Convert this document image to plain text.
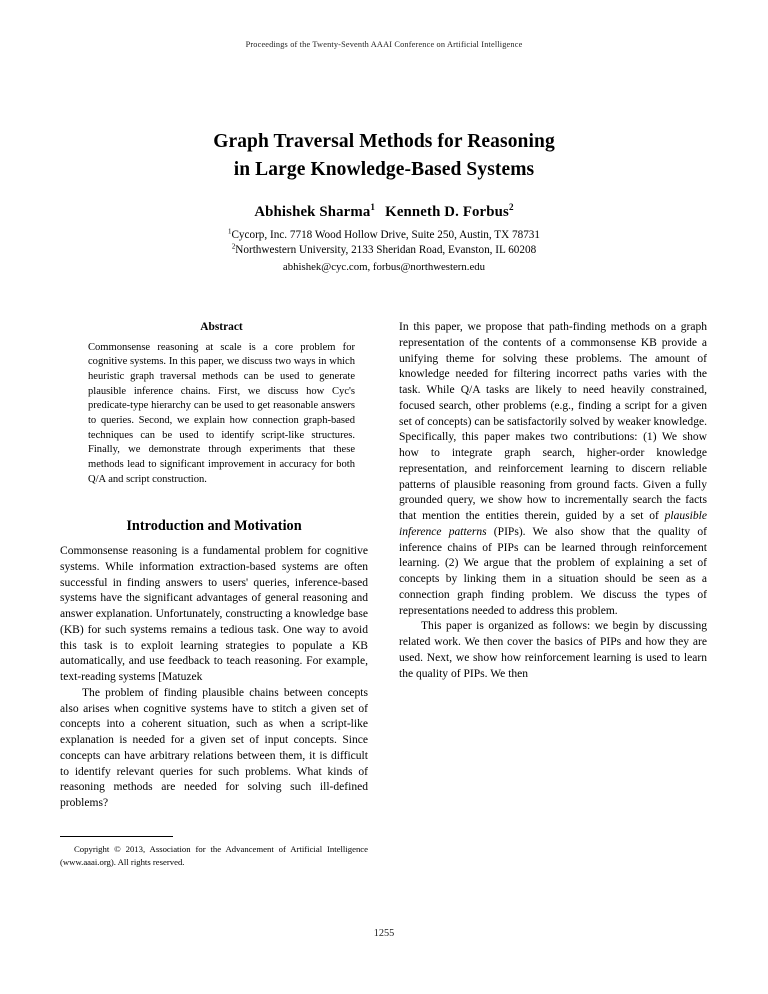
Proceedings of the Twenty-Seventh AAAI Conference on Artificial Intelligence
Graph Traversal Methods for Reasoning
in Large Knowledge-Based Systems
Abhishek Sharma$^1$ Kenneth D. Forbus$^2$
$^1$Cycorp, Inc. 7718 Wood Hollow Drive, Suite 250, Austin, TX 78731
$^2$Northwestern University, 2133 Sheridan Road, Evanston, IL 60208
abhishek@cyc.com, forbus@northwestern.edu
Abstract

Commonsense reasoning at scale is a core problem for cognitive systems. In this paper, we discuss two ways in which heuristic graph traversal methods can be used to generate plausible inference chains. First, we discuss how Cyc's predicate-type hierarchy can be used to get reasonable answers to queries. Second, we explain how connection graph-based techniques can be used to identify script-like structures. Finally, we demonstrate through experiments that these methods lead to significant improvement in accuracy for both Q/A and script construction.

Introduction and Motivation

Commonsense reasoning is a fundamental problem for cognitive systems. While information extraction-based systems are often successful in finding answers to users' queries, inference-based systems have the significant advantages of general reasoning and answer explanation. Unfortunately, constructing a knowledge base (KB) for such systems remains a tedious task. One way to avoid this task is to exploit learning strategies to populate a KB automatically, and use feedback to teach reasoning. For example, text-reading systems [Matuzek

The problem of finding plausible chains between concepts also arises when cognitive systems have to stitch a given set of concepts into a coherent situation, such as when a script-like explanation is needed for a given set of input concepts. Since concepts can have arbitrary relations between them, it is difficult to identify relevant queries for such problems. What kinds of reasoning methods are needed for solving such ill-defined problems?

In this paper, we propose that path-finding methods on a graph representation of the contents of a commonsense KB provide a unifying theme for solving these problems. The amount of knowledge needed for filtering incorrect paths varies with the task. While Q/A tasks are likely to need heavily constrained, focused search, other problems (e.g., finding a script for a given set of concepts) can be satisfactorily solved by weaker knowledge. Specifically, this paper makes two contributions: (1) We show how to integrate graph search, higher-order knowledge representation, and reinforcement learning to discern reliable patterns of plausible reasoning from ground facts. Given a fully grounded query, we show how to incrementally search the facts that mention the entities therein, guided by a set of plausible inference patterns (PIPs). We also show that the quality of inference chains of PIPs can be learned through reinforcement learning. (2) We argue that the problem of explaining a set of concepts by linking them in a situation should be seen as a connection graph finding problem. We discuss the types of representations needed to address this problem.

This paper is organized as follows: we begin by discussing related work. We then cover the basics of PIPs and how they are used. Next, we show how reinforcement learning is used to learn the quality of PIPs. We then

Copyright © 2013, Association for the Advancement of Artificial Intelligence (www.aaai.org). All rights reserved.

1255
